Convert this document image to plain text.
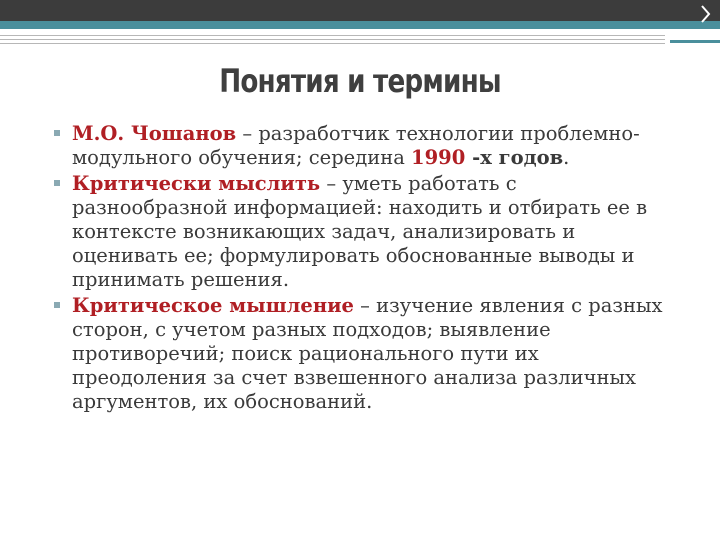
Понятия и термины
М.О. Чошанов – разработчик технологии проблемно-модульного обучения; середина 1990 -х годов.
Критически мыслить – уметь работать с разнообразной информацией: находить и отбирать ее в контексте возникающих задач, анализировать и оценивать ее; формулировать обоснованные выводы и принимать решения.
Критическое мышление – изучение явления с разных сторон, с учетом разных подходов; выявление противоречий; поиск рационального пути их преодоления за счет взвешенного анализа различных аргументов, их обоснований.
